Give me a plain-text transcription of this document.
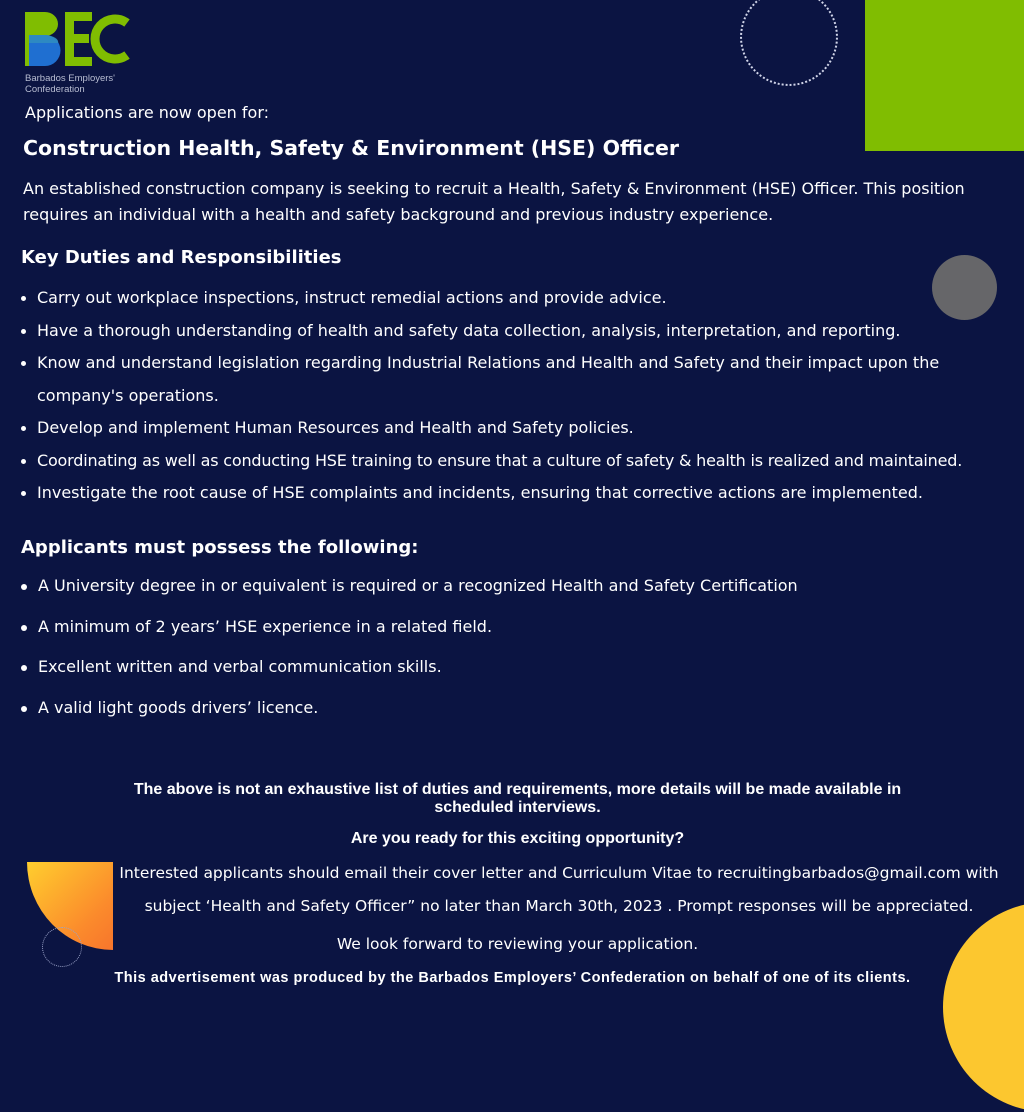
Barbados Employers' Confederation
Applications are now open for:
Construction Health, Safety & Environment (HSE) Officer
An established construction company is seeking to recruit a Health, Safety & Environment (HSE) Officer. This position requires an individual with a health and safety background and previous industry experience.
Key Duties and Responsibilities
Carry out workplace inspections, instruct remedial actions and provide advice.
Have a thorough understanding of health and safety data collection, analysis, interpretation, and reporting.
Know and understand legislation regarding Industrial Relations and Health and Safety and their impact upon the company's operations.
Develop and implement Human Resources and Health and Safety policies.
Coordinating as well as conducting HSE training to ensure that a culture of safety & health is realized and maintained.
Investigate the root cause of HSE complaints and incidents, ensuring that corrective actions are implemented.
Applicants must possess the following:
A University degree in or equivalent is required or a recognized Health and Safety Certification
A minimum of 2 years’ HSE experience in a related field.
Excellent written and verbal communication skills.
A valid light goods drivers’ licence.
The above is not an exhaustive list of duties and requirements, more details will be made available in scheduled interviews.
Are you ready for this exciting opportunity?
Interested applicants should email their cover letter and Curriculum Vitae to recruitingbarbados@gmail.com with subject ‘Health and Safety Officer” no later than March 30th, 2023 . Prompt responses will be appreciated.
We look forward to reviewing your application.
This advertisement was produced by the Barbados Employers’ Confederation on behalf of one of its clients.
